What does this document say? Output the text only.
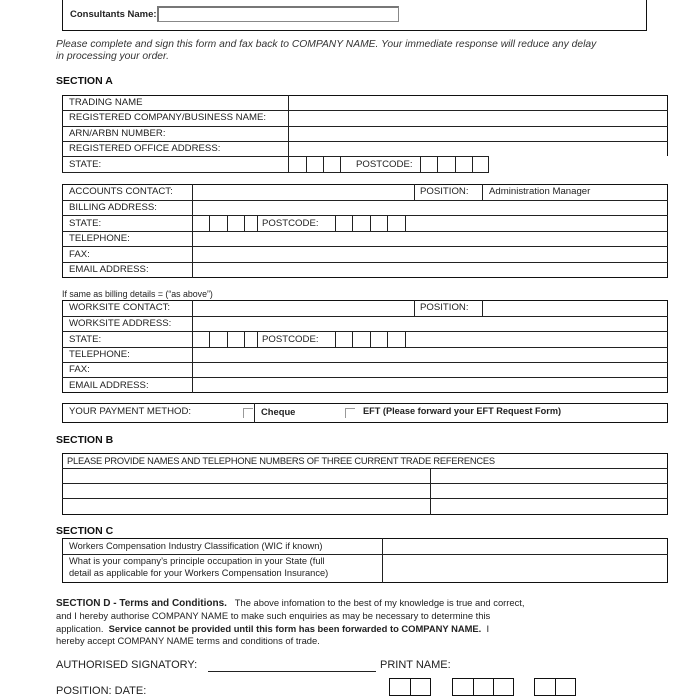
Consultants Name:
Please complete and sign this form and fax back to COMPANY NAME. Your immediate response will reduce any delay
in processing your order.
SECTION A
TRADING NAME
REGISTERED COMPANY/BUSINESS NAME:
ARN/ARBN NUMBER:
REGISTERED OFFICE ADDRESS:
STATE:	POSTCODE:
ACCOUNTS CONTACT:	POSITION: Administration Manager
BILLING ADDRESS:
STATE:	POSTCODE:
TELEPHONE:
FAX:
EMAIL ADDRESS:
If same as billing details = (“as above”)
WORKSITE CONTACT:	POSITION:
WORKSITE ADDRESS:
STATE:	POSTCODE:
TELEPHONE:
FAX:
EMAIL ADDRESS:
YOUR PAYMENT METHOD:	Cheque	EFT (Please forward your EFT Request Form)
SECTION B
PLEASE PROVIDE NAMES AND TELEPHONE NUMBERS OF THREE CURRENT TRADE REFERENCES
SECTION C
Workers Compensation Industry Classification (WIC if known)
What is your company’s principle occupation in your State (full
detail as applicable for your Workers Compensation Insurance)
SECTION D - Terms and Conditions. The above infomation to the best of my knowledge is true and correct,
and I hereby authorise COMPANY NAME to make such enquiries as may be necessary to determine this
application. Service cannot be provided until this form has been forwarded to COMPANY NAME. I
hereby accept COMPANY NAME terms and conditions of trade.
AUTHORISED SIGNATORY:	PRINT NAME:
POSITION: DATE:
